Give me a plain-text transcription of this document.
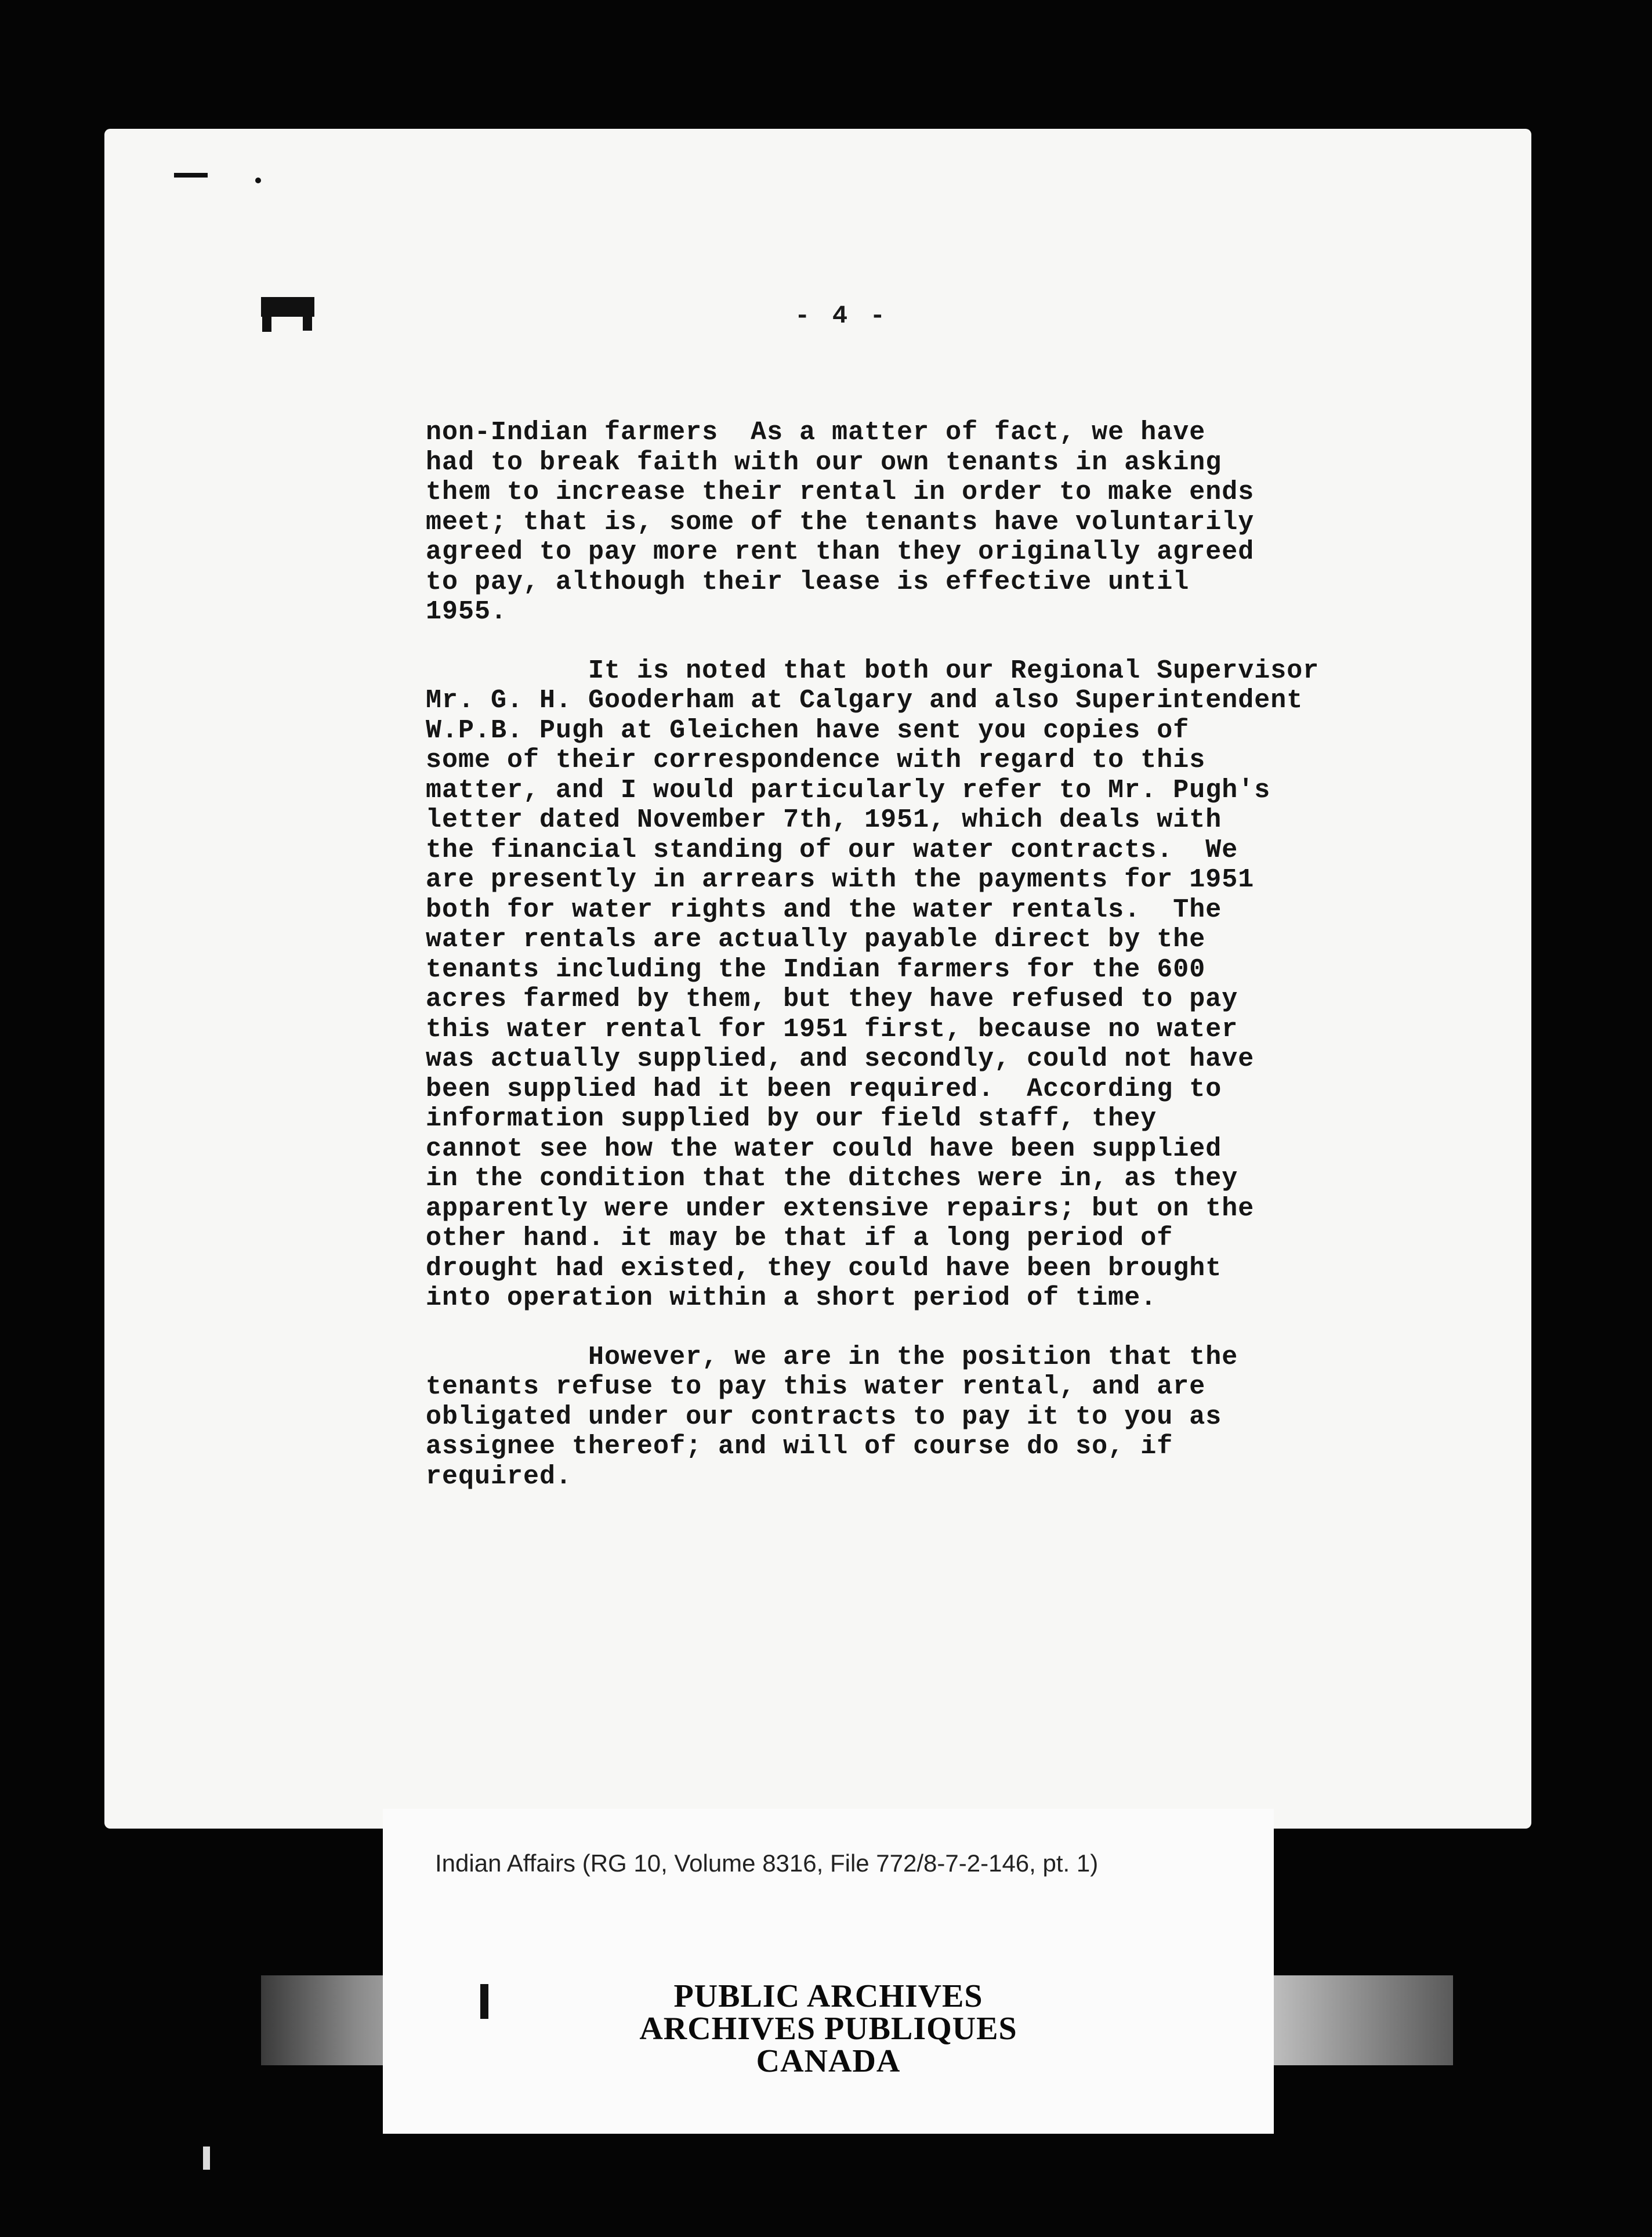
- 4 -
non-Indian farmers  As a matter of fact, we have
had to break faith with our own tenants in asking
them to increase their rental in order to make ends
meet; that is, some of the tenants have voluntarily
agreed to pay more rent than they originally agreed
to pay, although their lease is effective until
1955.
It is noted that both our Regional Supervisor
Mr. G. H. Gooderham at Calgary and also Superintendent
W.P.B. Pugh at Gleichen have sent you copies of
some of their correspondence with regard to this
matter, and I would particularly refer to Mr. Pugh's
letter dated November 7th, 1951, which deals with
the financial standing of our water contracts.  We
are presently in arrears with the payments for 1951
both for water rights and the water rentals.  The
water rentals are actually payable direct by the
tenants including the Indian farmers for the 600
acres farmed by them, but they have refused to pay
this water rental for 1951 first, because no water
was actually supplied, and secondly, could not have
been supplied had it been required.  According to
information supplied by our field staff, they
cannot see how the water could have been supplied
in the condition that the ditches were in, as they
apparently were under extensive repairs; but on the
other hand. it may be that if a long period of
drought had existed, they could have been brought
into operation within a short period of time.
However, we are in the position that the
tenants refuse to pay this water rental, and are
obligated under our contracts to pay it to you as
assignee thereof; and will of course do so, if
required.
Indian Affairs (RG 10, Volume 8316, File 772/8-7-2-146, pt. 1)
PUBLIC ARCHIVES
ARCHIVES PUBLIQUES
CANADA
